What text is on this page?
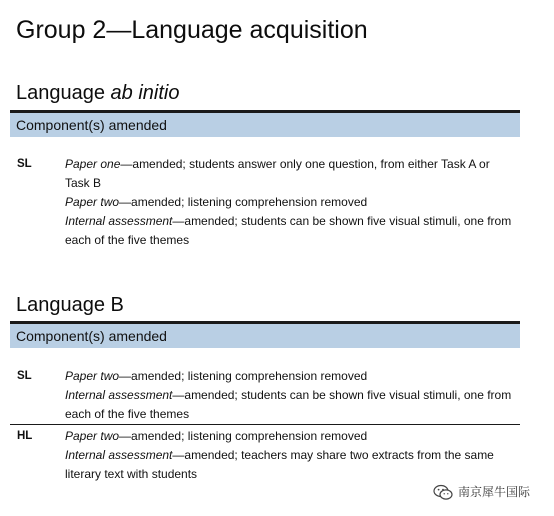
Group 2—Language acquisition
Language ab initio
Component(s) amended
SL	Paper one—amended; students answer only one question, from either Task A or Task B

Paper two—amended; listening comprehension removed

Internal assessment—amended; students can be shown five visual stimuli, one from each of the five themes

Language B
Component(s) amended
SL	Paper two—amended; listening comprehension removed

Internal assessment—amended; students can be shown five visual stimuli, one from each of the five themes

HL	Paper two—amended; listening comprehension removed

Internal assessment—amended; teachers may share two extracts from the same literary text with students

南京犀牛国际
